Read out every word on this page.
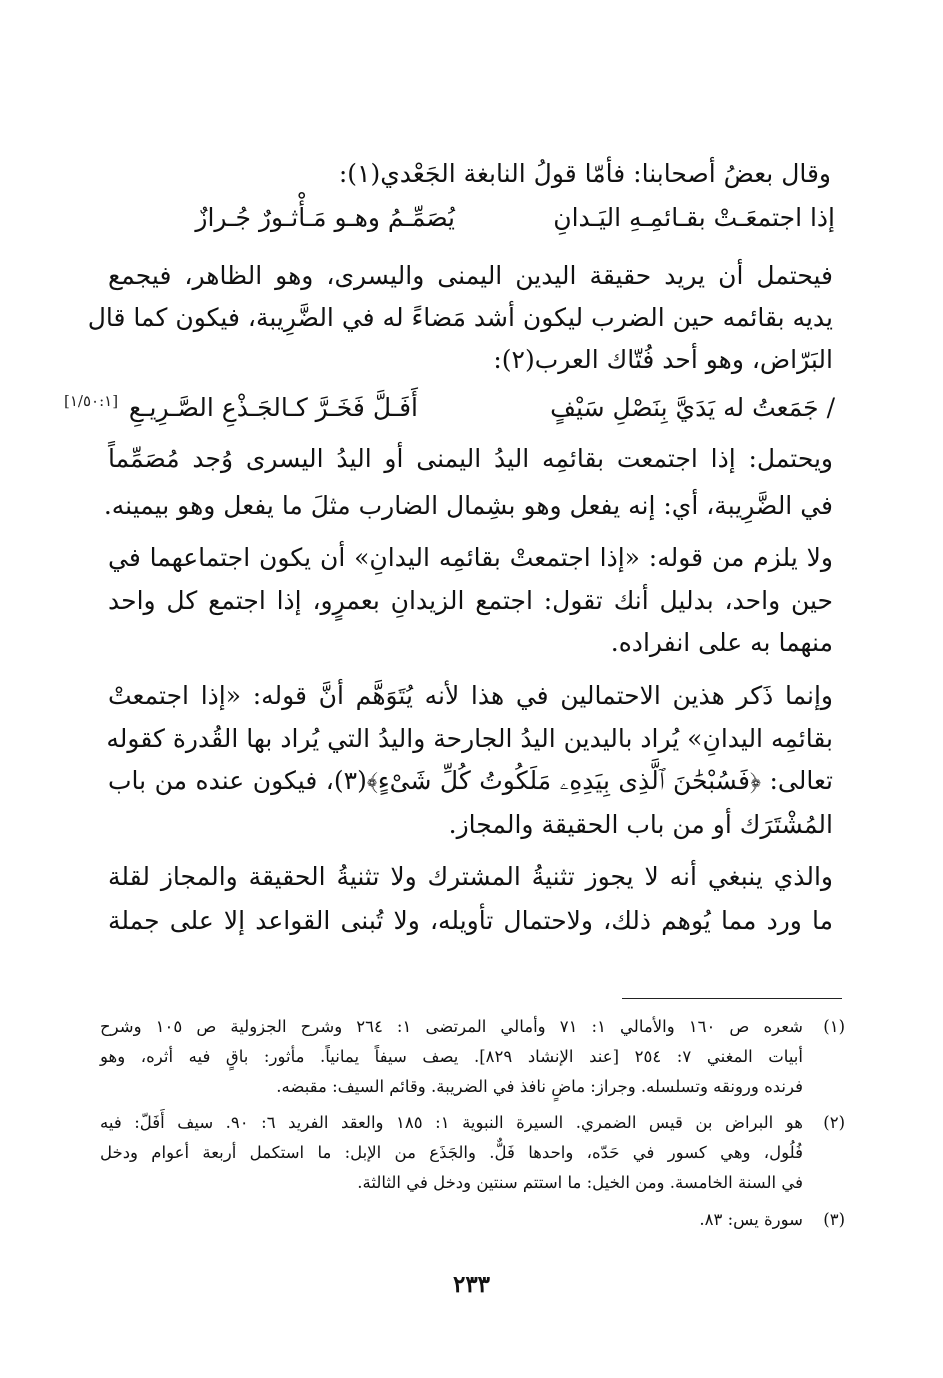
وقال بعضُ أصحابنا: فأمّا قولُ النابغة الجَعْدي(١):
إذا اجتمعَـتْ بقـائمِـهِ اليَـدانِ
يُصَمِّـمُ وهـو مَـأْثـورٌ جُـرازٌ
فيحتمل أن يريد حقيقة اليدين اليمنى واليسرى، وهو الظاهر، فيجمع
يديه بقائمه حين الضرب ليكون أشد مَضاءً له في الضَّرِيبة، فيكون كما قال
البَرّاض، وهو أحد فُتّاك العرب(٢):
[١/٥٠:١]	/ جَمَعتُ له يَدَيَّ بِنَصْلِ سَيْفٍ
أَفَـلَّ فَخَـرَّ كـالجَـذْعِ الصَّـرِيـعِ
ويحتمل: إذا اجتمعت بقائمِه اليدُ اليمنى أو اليدُ اليسرى وُجد مُصَمِّماً
في الضَّرِيبة، أي: إنه يفعل وهو بشِمال الضارب مثلَ ما يفعل وهو بيمينه.
ولا يلزم من قوله: «إذا اجتمعتْ بقائمِه اليدانِ» أن يكون اجتماعهما في
حين واحد، بدليل أنك تقول: اجتمع الزيدانِ بعمرٍو، إذا اجتمع كل واحد
منهما به على انفراده.
وإنما ذَكر هذين الاحتمالين في هذا لأنه يُتَوَهَّم أنَّ قوله: «إذا اجتمعتْ
بقائمِه اليدانِ» يُراد باليدين اليدُ الجارحة واليدُ التي يُراد بها القُدرة كقوله
تعالى: ﴿فَسُبْحَٰنَ ٱلَّذِى بِيَدِهِۦ مَلَكُوتُ كُلِّ شَىْءٍ﴾(٣)، فيكون عنده من باب
المُشْتَرَك أو من باب الحقيقة والمجاز.
والذي ينبغي أنه لا يجوز تثنيةُ المشترك ولا تثنيةُ الحقيقة والمجاز لقلة
ما ورد مما يُوهم ذلك، ولاحتمال تأويله، ولا تُبنى القواعد إلا على جملة
(١)
شعره ص ١٦٠ والأمالي ١: ٧١ وأمالي المرتضى ١: ٢٦٤ وشرح الجزولية ص ١٠٥ وشرح
أبيات المغني ٧: ٢٥٤ [عند الإنشاد ٨٢٩]. يصف سيفاً يمانياً. مأثور: باقٍ فيه أثره، وهو
فرنده ورونقه وتسلسله. وجراز: ماضٍ نافذ في الضريبة. وقائم السيف: مقبضه.
(٢)
هو البراض بن قيس الضمري. السيرة النبوية ١: ١٨٥ والعقد الفريد ٦: ٩٠. سيف أَفَلّ: فيه
فُلُول، وهي كسور في حَدّه، واحدها فَلٌّ. والجَذَع من الإبل: ما استكمل أربعة أعوام ودخل
في السنة الخامسة. ومن الخيل: ما استتم سنتين ودخل في الثالثة.
(٣)
سورة يس: ٨٣.
٢٣٣
